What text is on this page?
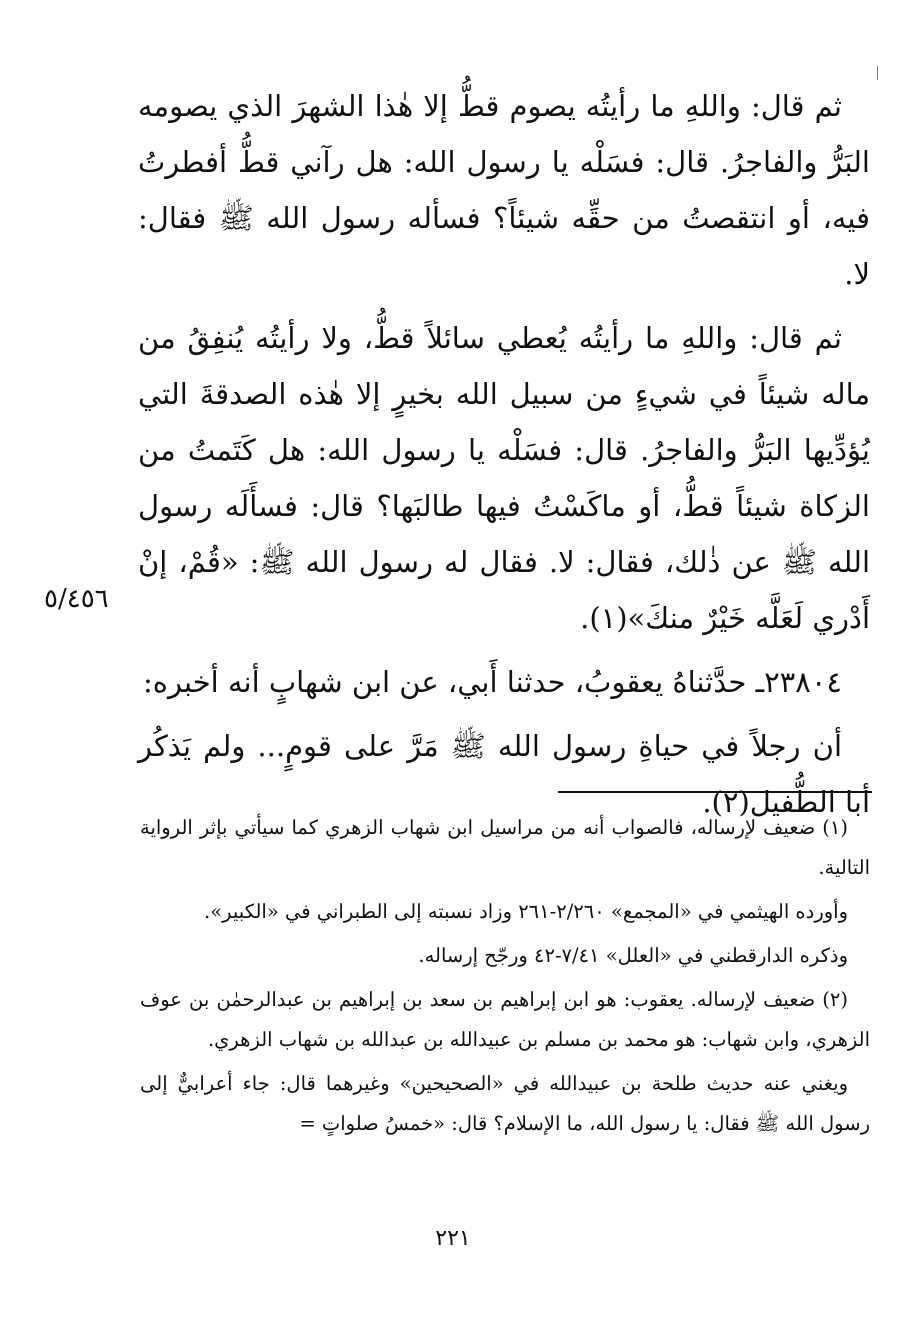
ثم قال: واللهِ ما رأيتُه يصوم قطُّ إلا هٰذا الشهرَ الذي يصومه البَرُّ والفاجرُ. قال: فسَلْه يا رسول الله: هل رآني قطُّ أفطرتُ فيه، أو انتقصتُ من حقِّه شيئاً؟ فسأله رسول الله ﷺ فقال: لا.

ثم قال: واللهِ ما رأيتُه يُعطي سائلاً قطُّ، ولا رأيتُه يُنفِقُ من ماله شيئاً في شيءٍ من سبيل الله بخيرٍ إلا هٰذه الصدقةَ التي يُؤدِّيها البَرُّ والفاجرُ. قال: فسَلْه يا رسول الله: هل كَتَمتُ من الزكاة شيئاً قطُّ، أو ماكَسْتُ فيها طالبَها؟ قال: فسأَلَه رسول الله ﷺ عن ذٰلك، فقال: لا. فقال له رسول الله ﷺ: «قُمْ، إنْ أَدْري لَعَلَّه خَيْرٌ منكَ»(١).

٢٣٨٠٤ـ حدَّثناهُ يعقوبُ، حدثنا أَبي، عن ابن شهابٍ أنه أخبره:

أن رجلاً في حياةِ رسول الله ﷺ مَرَّ على قومٍ... ولم يَذكُر أبا الطُّفيل(٢).

٥/٤٥٦

(١) ضعيف لإرساله، فالصواب أنه من مراسيل ابن شهاب الزهري كما سيأتي بإثر الرواية التالية.

وأورده الهيثمي في «المجمع» ٢/٢٦٠-٢٦١ وزاد نسبته إلى الطبراني في «الكبير».

وذكره الدارقطني في «العلل» ٧/٤١-٤٢ ورجّح إرساله.

(٢) ضعيف لإرساله. يعقوب: هو ابن إبراهيم بن سعد بن إبراهيم بن عبدالرحمٰن بن عوف الزهري، وابن شهاب: هو محمد بن مسلم بن عبيدالله بن عبدالله بن شهاب الزهري.

ويغني عنه حديث طلحة بن عبيدالله في «الصحيحين» وغيرهما قال: جاء أعرابيٌّ إلى رسول الله ﷺ فقال: يا رسول الله، ما الإسلام؟ قال: «خمسُ صلواتٍ =

٢٢١
